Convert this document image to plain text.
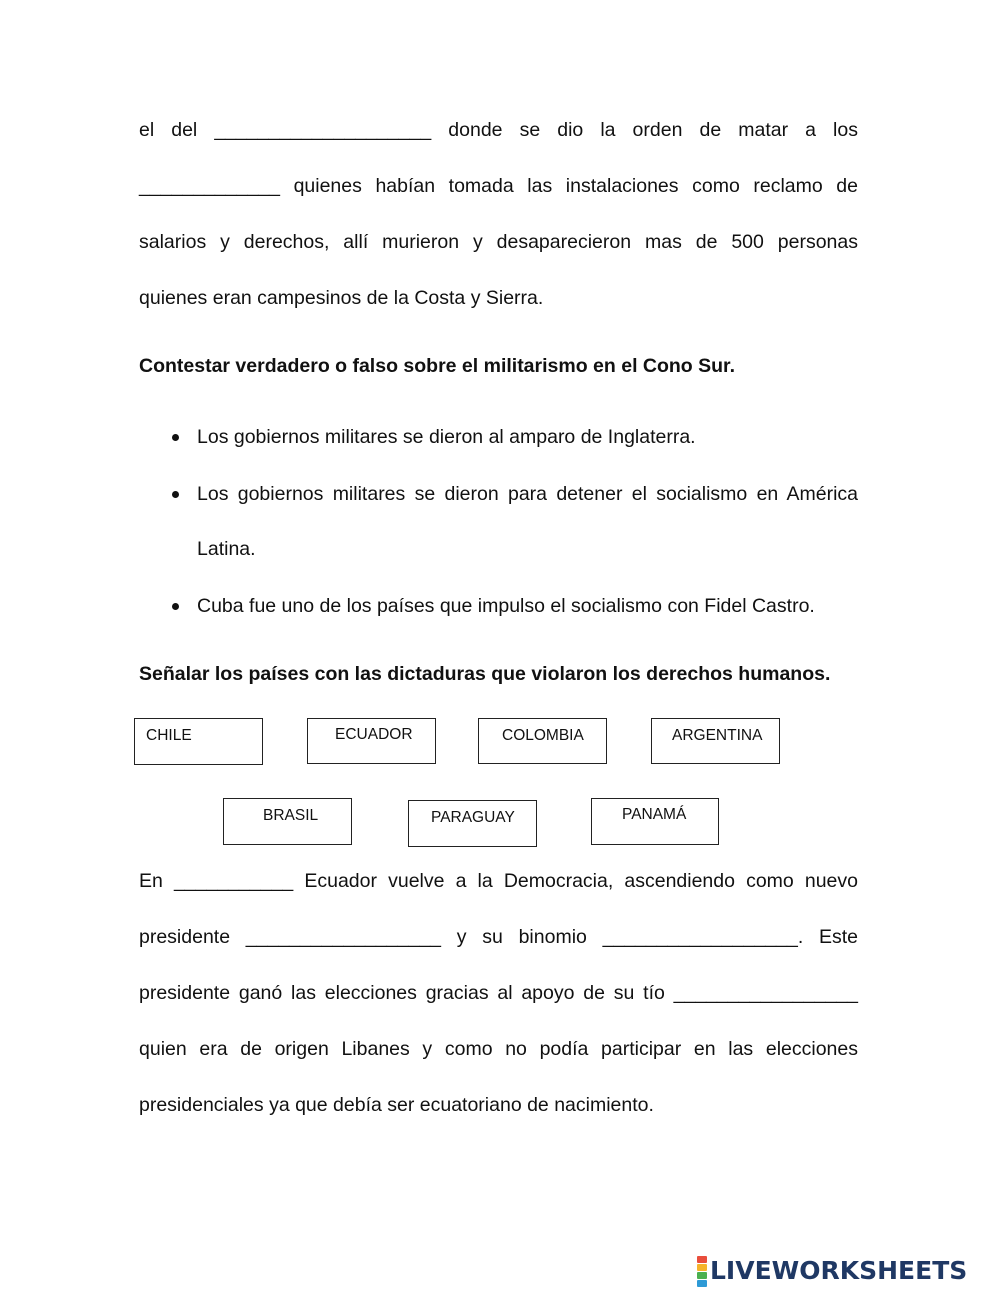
el del ____________________ donde se dio la orden de matar a los
_____________ quienes habían tomada las instalaciones como reclamo de
salarios y derechos, allí murieron y desaparecieron mas de 500 personas
quienes eran campesinos de la Costa y Sierra.
Contestar verdadero o falso sobre el militarismo en el Cono Sur.
Los gobiernos militares se dieron al amparo de Inglaterra.
Los gobiernos militares se dieron para detener el socialismo en América
Latina.
Cuba fue uno de los países que impulso el socialismo con Fidel Castro.
Señalar los países con las dictaduras que violaron los derechos humanos.
CHILE	ECUADOR	COLOMBIA	ARGENTINA
BRASIL	PARAGUAY	PANAMÁ
En ___________ Ecuador vuelve a la Democracia, ascendiendo como nuevo
presidente __________________ y su binomio __________________. Este
presidente ganó las elecciones gracias al apoyo de su tío _________________
quien era de origen Libanes y como no podía participar en las elecciones
presidenciales ya que debía ser ecuatoriano de nacimiento.
LIVEWORKSHEETS
